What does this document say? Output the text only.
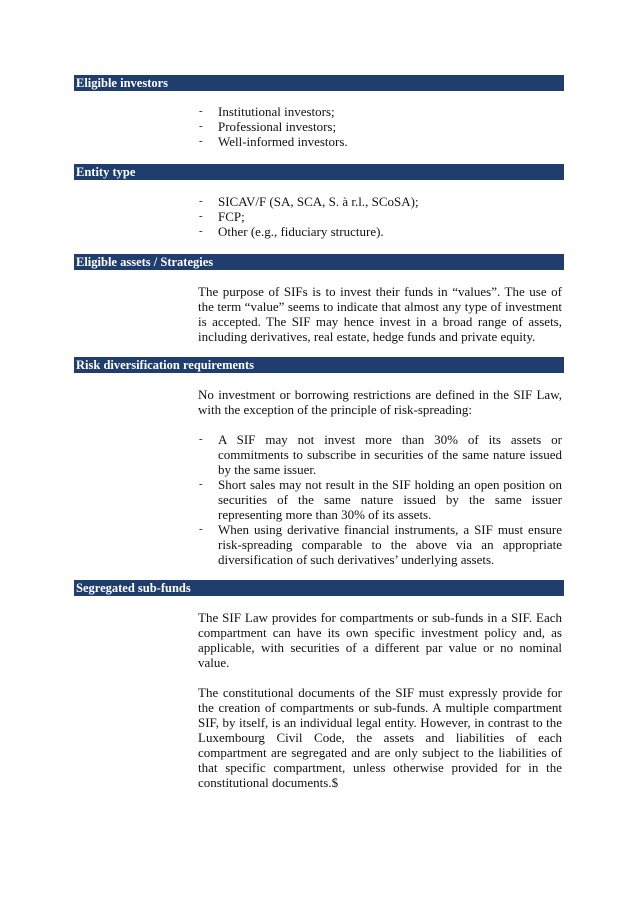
Eligible investors
- Institutional investors;
- Professional investors;
- Well-informed investors.
Entity type
- SICAV/F (SA, SCA, S. à r.l., SCoSA);
- FCP;
- Other (e.g., fiduciary structure).
Eligible assets / Strategies

The purpose of SIFs is to invest their funds in “values”. The use of the term “value” seems to indicate that almost any type of investment is accepted. The SIF may hence invest in a broad range of assets, including derivatives, real estate, hedge funds and private equity.

Risk diversification requirements

No investment or borrowing restrictions are defined in the SIF Law, with the exception of the principle of risk-spreading:

- A SIF may not invest more than 30% of its assets or commitments to subscribe in securities of the same nature issued by the same issuer.
- Short sales may not result in the SIF holding an open position on securities of the same nature issued by the same issuer representing more than 30% of its assets.
- When using derivative financial instruments, a SIF must ensure risk-spreading comparable to the above via an appropriate diversification of such derivatives’ underlying assets.
Segregated sub-funds

The SIF Law provides for compartments or sub-funds in a SIF. Each compartment can have its own specific investment policy and, as applicable, with securities of a different par value or no nominal value.

The constitutional documents of the SIF must expressly provide for the creation of compartments or sub-funds. A multiple compartment SIF, by itself, is an individual legal entity. However, in contrast to the Luxembourg Civil Code, the assets and liabilities of each compartment are segregated and are only subject to the liabilities of that specific compartment, unless otherwise provided for in the constitutional documents.$
